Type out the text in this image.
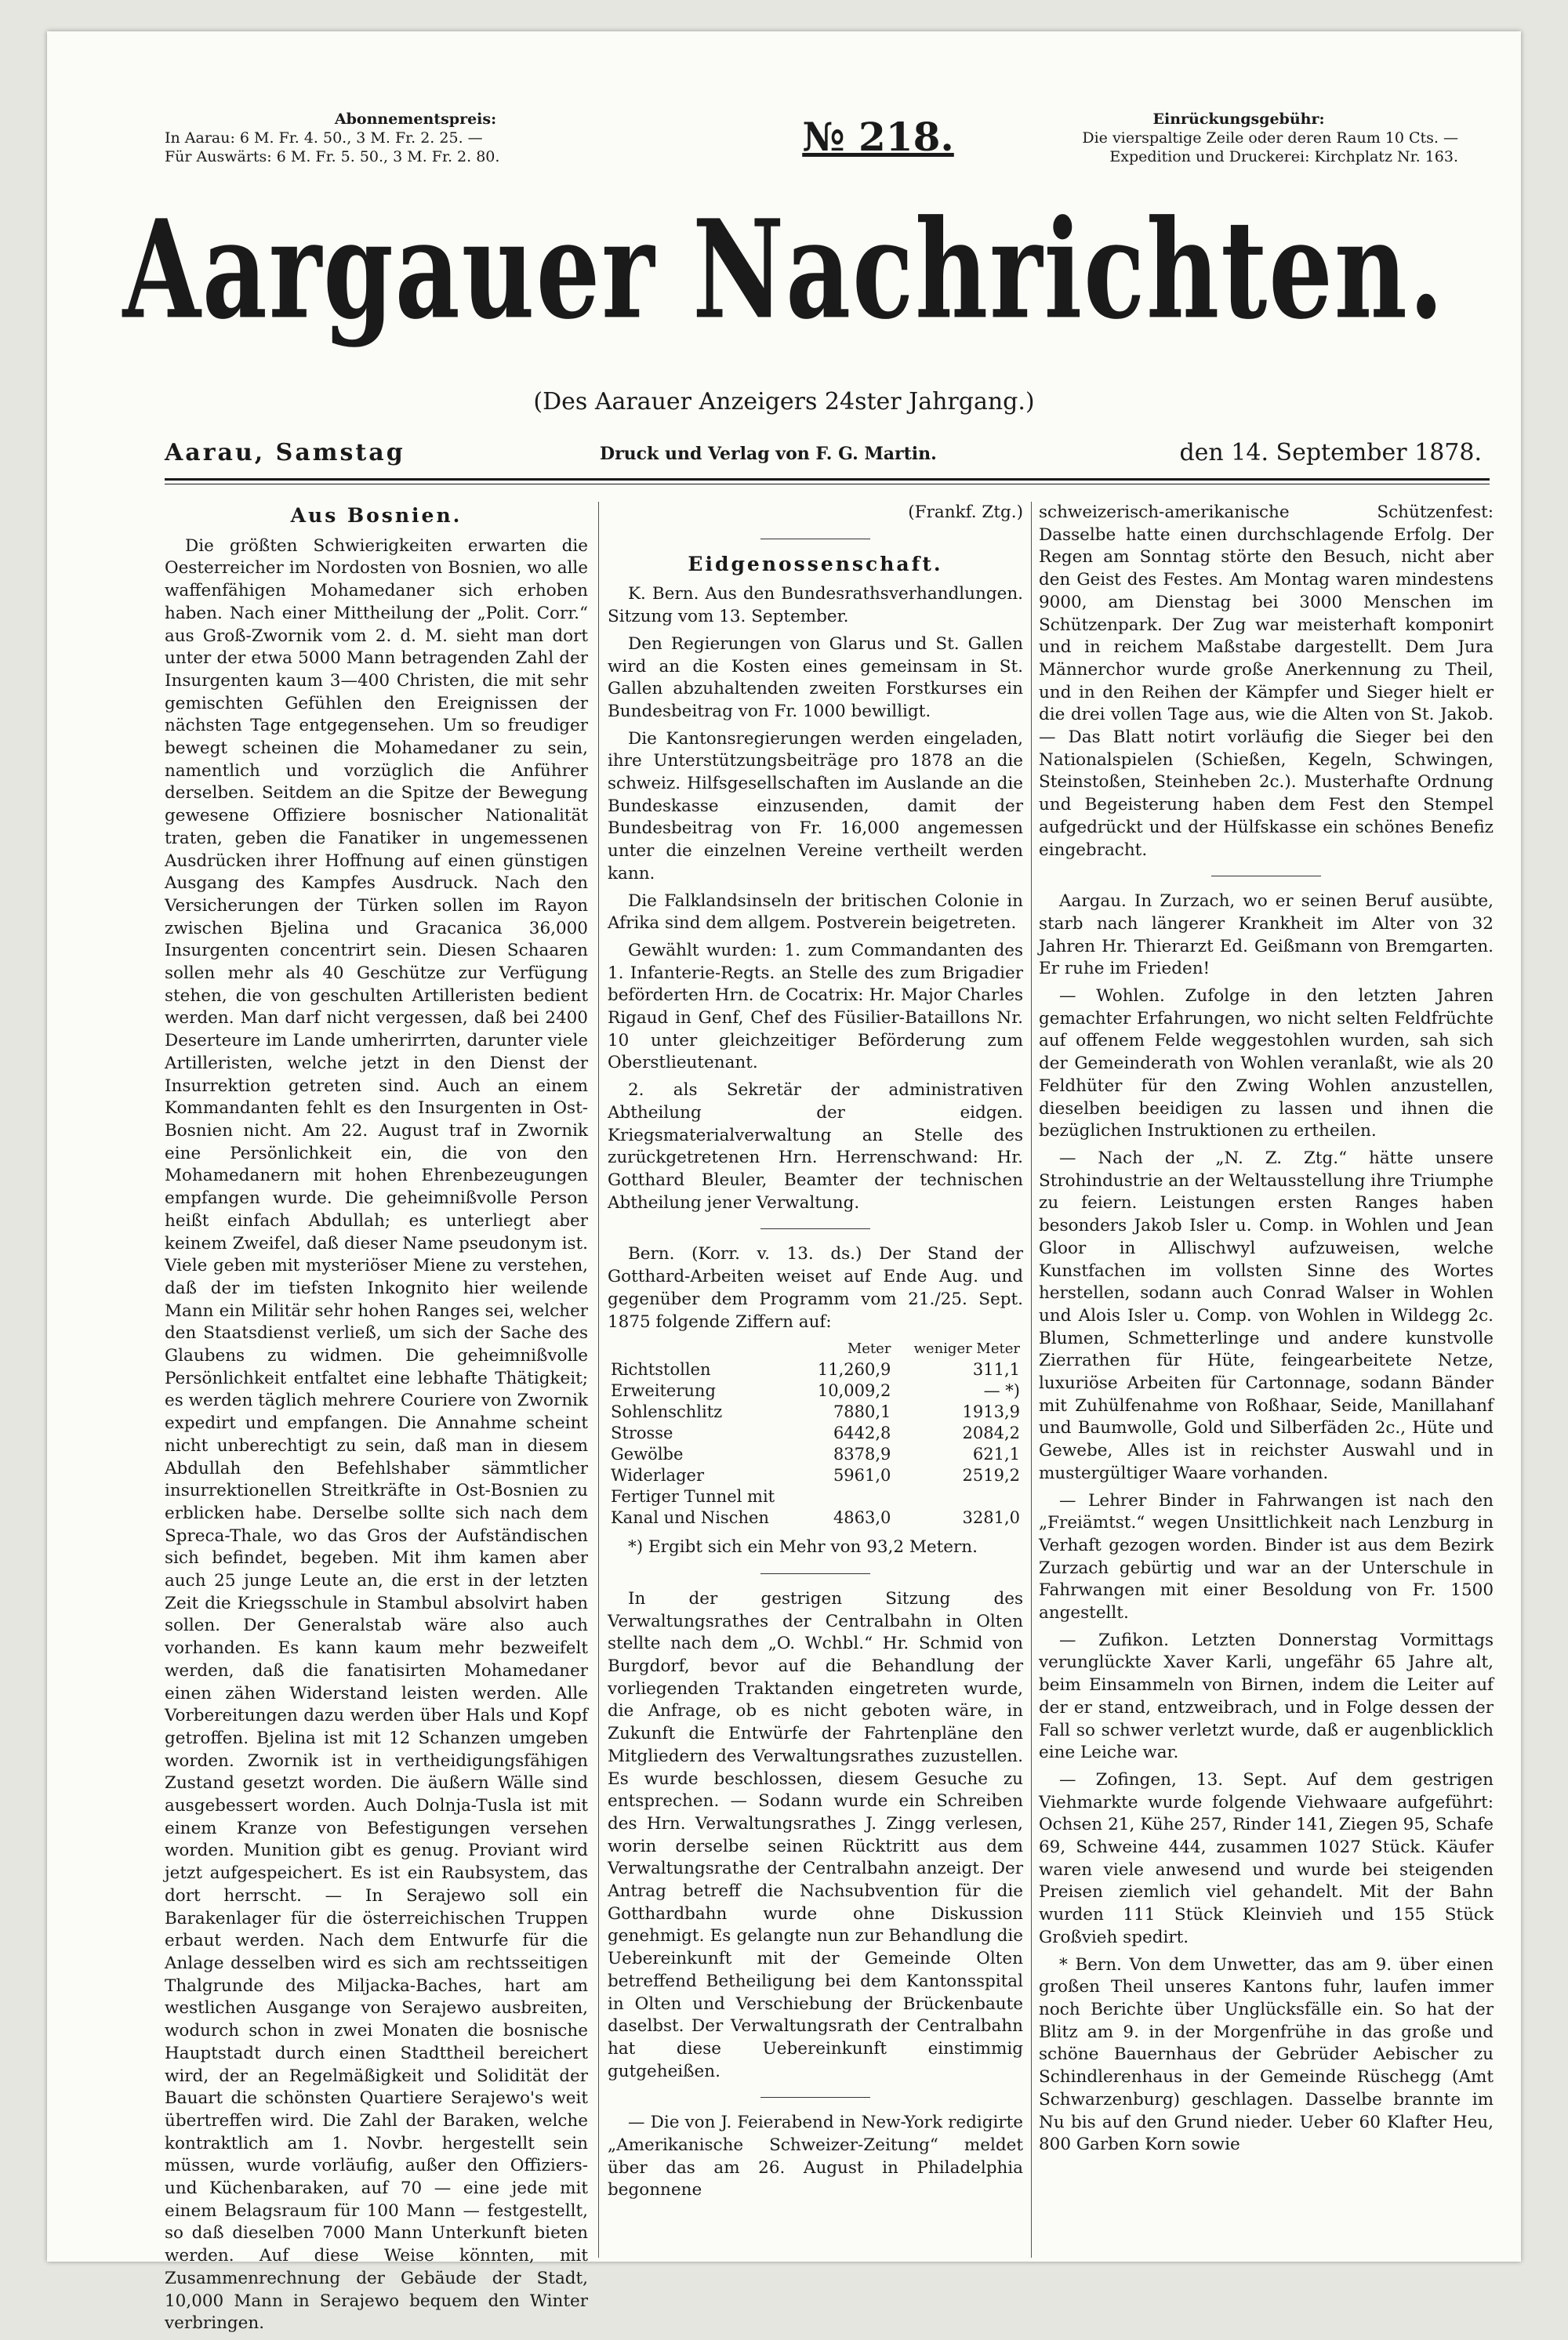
Abonnementspreis:
In Aarau: 6 M. Fr. 4. 50., 3 M. Fr. 2. 25. —
Für Auswärts: 6 M. Fr. 5. 50., 3 M. Fr. 2. 80.	№ 218.	Einrückungsgebühr:
Die vierspaltige Zeile oder deren Raum 10 Cts. —
Expedition und Druckerei: Kirchplatz Nr. 163.
Aargauer Nachrichten.
(Des Aarauer Anzeigers 24ster Jahrgang.)
Aarau, Samstag	Druck und Verlag von F. G. Martin.	den 14. September 1878.
Aus Bosnien.

Die größten Schwierigkeiten erwarten die Oesterreicher im Nordosten von Bosnien, wo alle waffenfähigen Mohamedaner sich erhoben haben. Nach einer Mittheilung der „Polit. Corr.“ aus Groß-Zwornik vom 2. d. M. sieht man dort unter der etwa 5000 Mann betragenden Zahl der Insurgenten kaum 3—400 Christen, die mit sehr gemischten Gefühlen den Ereignissen der nächsten Tage entgegensehen. Um so freudiger bewegt scheinen die Mohamedaner zu sein, namentlich und vorzüglich die Anführer derselben. Seitdem an die Spitze der Bewegung gewesene Offiziere bosnischer Nationalität traten, geben die Fanatiker in ungemessenen Ausdrücken ihrer Hoffnung auf einen günstigen Ausgang des Kampfes Ausdruck. Nach den Versicherungen der Türken sollen im Rayon zwischen Bjelina und Gracanica 36,000 Insurgenten concentrirt sein. Diesen Schaaren sollen mehr als 40 Geschütze zur Verfügung stehen, die von geschulten Artilleristen bedient werden. Man darf nicht vergessen, daß bei 2400 Deserteure im Lande umherirrten, darunter viele Artilleristen, welche jetzt in den Dienst der Insurrektion getreten sind. Auch an einem Kommandanten fehlt es den Insurgenten in Ost-Bosnien nicht. Am 22. August traf in Zwornik eine Persönlichkeit ein, die von den Mohamedanern mit hohen Ehrenbezeugungen empfangen wurde. Die geheimnißvolle Person heißt einfach Abdullah; es unterliegt aber keinem Zweifel, daß dieser Name pseudonym ist. Viele geben mit mysteriöser Miene zu verstehen, daß der im tiefsten Inkognito hier weilende Mann ein Militär sehr hohen Ranges sei, welcher den Staatsdienst verließ, um sich der Sache des Glaubens zu widmen. Die geheimnißvolle Persönlichkeit entfaltet eine lebhafte Thätigkeit; es werden täglich mehrere Couriere von Zwornik expedirt und empfangen. Die Annahme scheint nicht unberechtigt zu sein, daß man in diesem Abdullah den Befehlshaber sämmtlicher insurrektionellen Streitkräfte in Ost-Bosnien zu erblicken habe. Derselbe sollte sich nach dem Spreca-Thale, wo das Gros der Aufständischen sich befindet, begeben. Mit ihm kamen aber auch 25 junge Leute an, die erst in der letzten Zeit die Kriegsschule in Stambul absolvirt haben sollen. Der Generalstab wäre also auch vorhanden. Es kann kaum mehr bezweifelt werden, daß die fanatisirten Mohamedaner einen zähen Widerstand leisten werden. Alle Vorbereitungen dazu werden über Hals und Kopf getroffen. Bjelina ist mit 12 Schanzen umgeben worden. Zwornik ist in vertheidigungsfähigen Zustand gesetzt worden. Die äußern Wälle sind ausgebessert worden. Auch Dolnja-Tusla ist mit einem Kranze von Befestigungen versehen worden. Munition gibt es genug. Proviant wird jetzt aufgespeichert. Es ist ein Raubsystem, das dort herrscht. — In Serajewo soll ein Barakenlager für die österreichischen Truppen erbaut werden. Nach dem Entwurfe für die Anlage desselben wird es sich am rechtsseitigen Thalgrunde des Miljacka-Baches, hart am westlichen Ausgange von Serajewo ausbreiten, wodurch schon in zwei Monaten die bosnische Hauptstadt durch einen Stadttheil bereichert wird, der an Regelmäßigkeit und Solidität der Bauart die schönsten Quartiere Serajewo's weit übertreffen wird. Die Zahl der Baraken, welche kontraktlich am 1. Novbr. hergestellt sein müssen, wurde vorläufig, außer den Offiziers- und Küchenbaraken, auf 70 — eine jede mit einem Belagsraum für 100 Mann — festgestellt, so daß dieselben 7000 Mann Unterkunft bieten werden. Auf diese Weise könnten, mit Zusammenrechnung der Gebäude der Stadt, 10,000 Mann in Serajewo bequem den Winter verbringen.

(Frankf. Ztg.)

Eidgenossenschaft.

K. Bern. Aus den Bundesrathsverhandlungen. Sitzung vom 13. September.

Den Regierungen von Glarus und St. Gallen wird an die Kosten eines gemeinsam in St. Gallen abzuhaltenden zweiten Forstkurses ein Bundesbeitrag von Fr. 1000 bewilligt.

Die Kantonsregierungen werden eingeladen, ihre Unterstützungsbeiträge pro 1878 an die schweiz. Hilfsgesellschaften im Auslande an die Bundeskasse einzusenden, damit der Bundesbeitrag von Fr. 16,000 angemessen unter die einzelnen Vereine vertheilt werden kann.

Die Falklandsinseln der britischen Colonie in Afrika sind dem allgem. Postverein beigetreten.

Gewählt wurden: 1. zum Commandanten des 1. Infanterie-Regts. an Stelle des zum Brigadier beförderten Hrn. de Cocatrix: Hr. Major Charles Rigaud in Genf, Chef des Füsilier-Bataillons Nr. 10 unter gleichzeitiger Beförderung zum Oberstlieutenant.

2. als Sekretär der administrativen Abtheilung der eidgen. Kriegsmaterialverwaltung an Stelle des zurückgetretenen Hrn. Herrenschwand: Hr. Gotthard Bleuler, Beamter der technischen Abtheilung jener Verwaltung.

Bern. (Korr. v. 13. ds.) Der Stand der Gotthard-Arbeiten weiset auf Ende Aug. und gegenüber dem Programm vom 21./25. Sept. 1875 folgende Ziffern auf:

	Meter	weniger Meter
Richtstollen	11,260,9	311,1
Erweiterung	10,009,2	— *)
Sohlenschlitz	7880,1	1913,9
Strosse	6442,8	2084,2
Gewölbe	8378,9	621,1
Widerlager	5961,0	2519,2
Fertiger Tunnel mit		
Kanal und Nischen	4863,0	3281,0

*) Ergibt sich ein Mehr von 93,2 Metern.

In der gestrigen Sitzung des Verwaltungsrathes der Centralbahn in Olten stellte nach dem „O. Wchbl.“ Hr. Schmid von Burgdorf, bevor auf die Behandlung der vorliegenden Traktanden eingetreten wurde, die Anfrage, ob es nicht geboten wäre, in Zukunft die Entwürfe der Fahrtenpläne den Mitgliedern des Verwaltungsrathes zuzustellen. Es wurde beschlossen, diesem Gesuche zu entsprechen. — Sodann wurde ein Schreiben des Hrn. Verwaltungsrathes J. Zingg verlesen, worin derselbe seinen Rücktritt aus dem Verwaltungsrathe der Centralbahn anzeigt. Der Antrag betreff die Nachsubvention für die Gotthardbahn wurde ohne Diskussion genehmigt. Es gelangte nun zur Behandlung die Uebereinkunft mit der Gemeinde Olten betreffend Betheiligung bei dem Kantonsspital in Olten und Verschiebung der Brückenbaute daselbst. Der Verwaltungsrath der Centralbahn hat diese Uebereinkunft einstimmig gutgeheißen.

— Die von J. Feierabend in New-York redigirte „Amerikanische Schweizer-Zeitung“ meldet über das am 26. August in Philadelphia begonnene

schweizerisch-amerikanische Schützenfest: Dasselbe hatte einen durchschlagende Erfolg. Der Regen am Sonntag störte den Besuch, nicht aber den Geist des Festes. Am Montag waren mindestens 9000, am Dienstag bei 3000 Menschen im Schützenpark. Der Zug war meisterhaft komponirt und in reichem Maßstabe dargestellt. Dem Jura Männerchor wurde große Anerkennung zu Theil, und in den Reihen der Kämpfer und Sieger hielt er die drei vollen Tage aus, wie die Alten von St. Jakob. — Das Blatt notirt vorläufig die Sieger bei den Nationalspielen (Schießen, Kegeln, Schwingen, Steinstoßen, Steinheben 2c.). Musterhafte Ordnung und Begeisterung haben dem Fest den Stempel aufgedrückt und der Hülfskasse ein schönes Benefiz eingebracht.

Aargau. In Zurzach, wo er seinen Beruf ausübte, starb nach längerer Krankheit im Alter von 32 Jahren Hr. Thierarzt Ed. Geißmann von Bremgarten. Er ruhe im Frieden!

— Wohlen. Zufolge in den letzten Jahren gemachter Erfahrungen, wo nicht selten Feldfrüchte auf offenem Felde weggestohlen wurden, sah sich der Gemeinderath von Wohlen veranlaßt, wie als 20 Feldhüter für den Zwing Wohlen anzustellen, dieselben beeidigen zu lassen und ihnen die bezüglichen Instruktionen zu ertheilen.

— Nach der „N. Z. Ztg.“ hätte unsere Strohindustrie an der Weltausstellung ihre Triumphe zu feiern. Leistungen ersten Ranges haben besonders Jakob Isler u. Comp. in Wohlen und Jean Gloor in Allischwyl aufzuweisen, welche Kunstfachen im vollsten Sinne des Wortes herstellen, sodann auch Conrad Walser in Wohlen und Alois Isler u. Comp. von Wohlen in Wildegg 2c. Blumen, Schmetterlinge und andere kunstvolle Zierrathen für Hüte, feingearbeitete Netze, luxuriöse Arbeiten für Cartonnage, sodann Bänder mit Zuhülfenahme von Roßhaar, Seide, Manillahanf und Baumwolle, Gold und Silberfäden 2c., Hüte und Gewebe, Alles ist in reichster Auswahl und in mustergültiger Waare vorhanden.

— Lehrer Binder in Fahrwangen ist nach den „Freiämtst.“ wegen Unsittlichkeit nach Lenzburg in Verhaft gezogen worden. Binder ist aus dem Bezirk Zurzach gebürtig und war an der Unterschule in Fahrwangen mit einer Besoldung von Fr. 1500 angestellt.

— Zufikon. Letzten Donnerstag Vormittags verunglückte Xaver Karli, ungefähr 65 Jahre alt, beim Einsammeln von Birnen, indem die Leiter auf der er stand, entzweibrach, und in Folge dessen der Fall so schwer verletzt wurde, daß er augenblicklich eine Leiche war.

— Zofingen, 13. Sept. Auf dem gestrigen Viehmarkte wurde folgende Viehwaare aufgeführt: Ochsen 21, Kühe 257, Rinder 141, Ziegen 95, Schafe 69, Schweine 444, zusammen 1027 Stück. Käufer waren viele anwesend und wurde bei steigenden Preisen ziemlich viel gehandelt. Mit der Bahn wurden 111 Stück Kleinvieh und 155 Stück Großvieh spedirt.

* Bern. Von dem Unwetter, das am 9. über einen großen Theil unseres Kantons fuhr, laufen immer noch Berichte über Unglücksfälle ein. So hat der Blitz am 9. in der Morgenfrühe in das große und schöne Bauernhaus der Gebrüder Aebischer zu Schindlerenhaus in der Gemeinde Rüschegg (Amt Schwarzenburg) geschlagen. Dasselbe brannte im Nu bis auf den Grund nieder. Ueber 60 Klafter Heu, 800 Garben Korn sowie
